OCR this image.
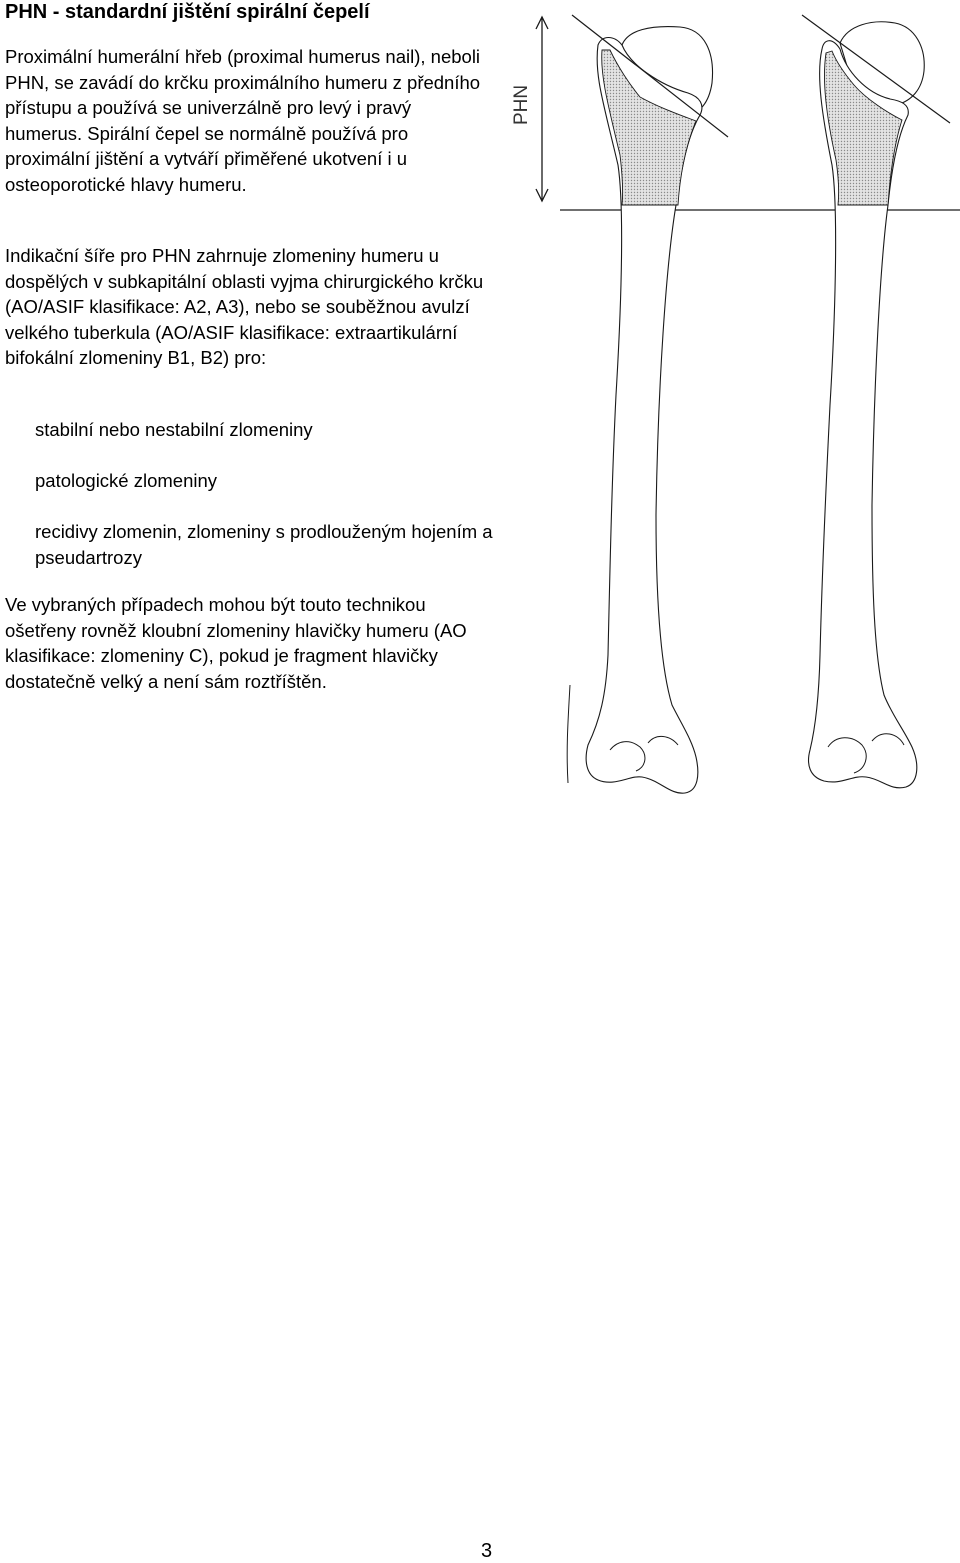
PHN - standardní jištění spirální čepelí

Proximální humerální hřeb (proximal humerus nail), neboli PHN, se zavádí do krčku proximálního humeru z předního přístupu a používá se univerzálně pro levý i pravý humerus. Spirální čepel se normálně používá pro proximální jištění a vytváří přiměřené ukotvení i u osteoporotické hlavy humeru.

Indikační šíře pro PHN zahrnuje zlomeniny humeru u dospělých v subkapitální oblasti vyjma chirurgického krčku (AO/ASIF klasifikace: A2, A3), nebo se souběžnou avulzí velkého tuberkula (AO/ASIF klasifikace: extraartikulární bifokální zlomeniny B1, B2) pro:

stabilní nebo nestabilní zlomeniny
patologické zlomeniny
recidivy zlomenin, zlomeniny s prodlouženým hojením a pseudartrozy

Ve vybraných případech mohou být touto technikou ošetřeny rovněž kloubní zlomeniny hlavičky humeru (AO klasifikace: zlomeniny C), pokud je fragment hlavičky dostatečně velký a není sám roztříštěn.

PHN
3
